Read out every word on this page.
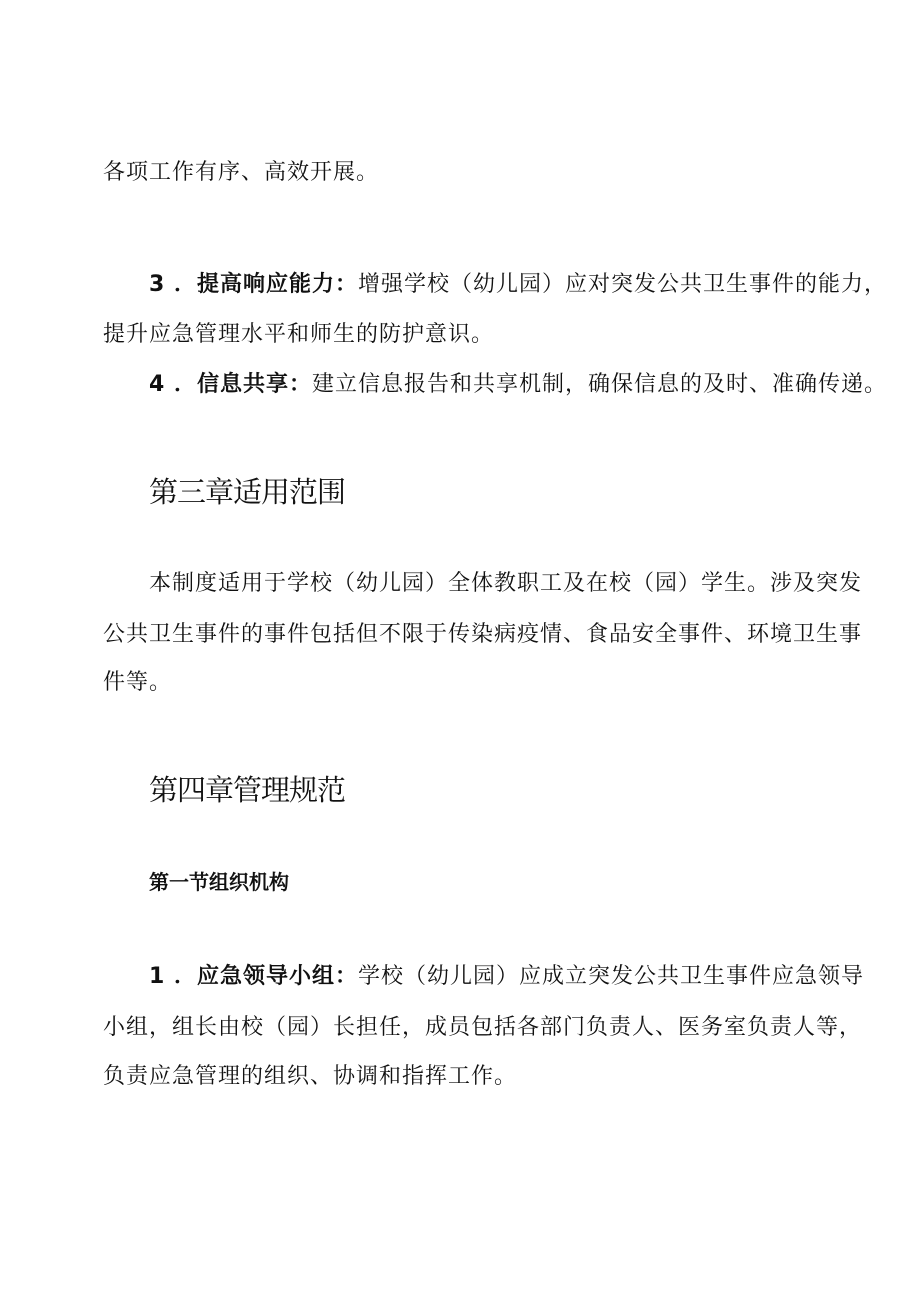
各项工作有序、高效开展。
3 ．提高响应能力：增强学校（幼儿园）应对突发公共卫生事件的能力，
提升应急管理水平和师生的防护意识。
4 ．信息共享：建立信息报告和共享机制，确保信息的及时、准确传递。
第三章适用范围
本制度适用于学校（幼儿园）全体教职工及在校（园）学生。涉及突发
公共卫生事件的事件包括但不限于传染病疫情、食品安全事件、环境卫生事
件等。
第四章管理规范
第一节组织机构
1 ．应急领导小组：学校（幼儿园）应成立突发公共卫生事件应急领导
小组，组长由校（园）长担任，成员包括各部门负责人、医务室负责人等，
负责应急管理的组织、协调和指挥工作。
